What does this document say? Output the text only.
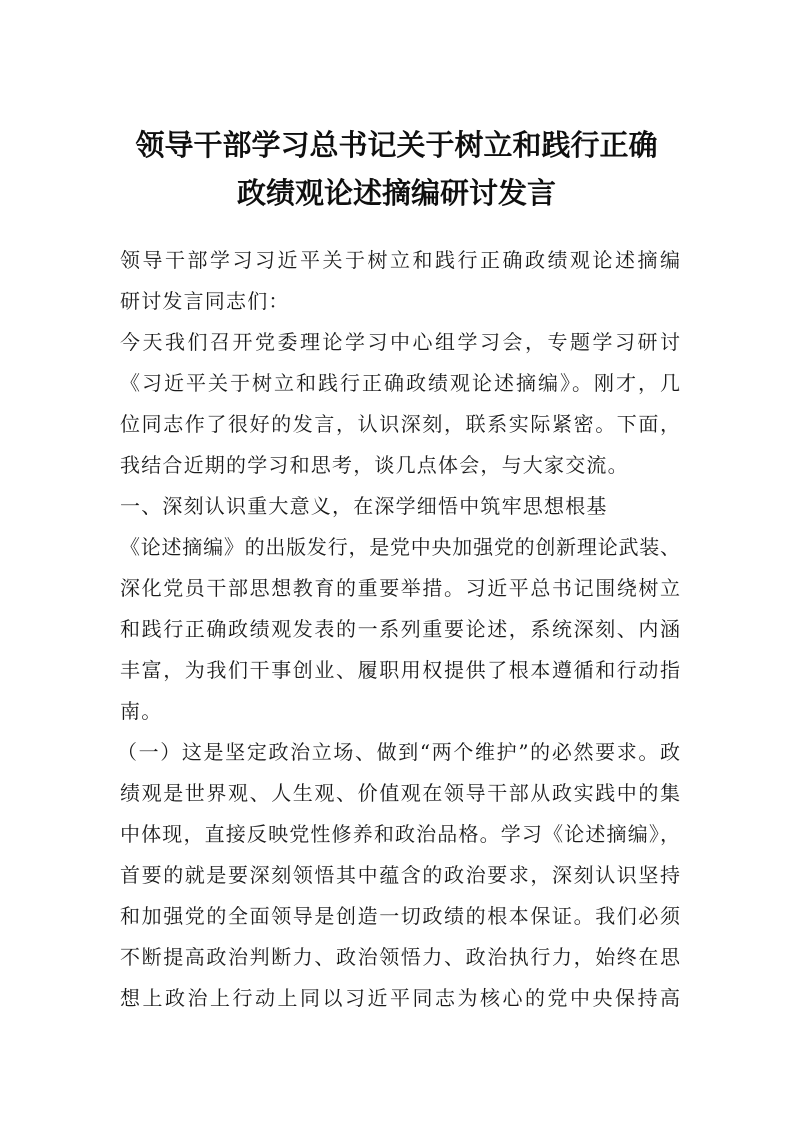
领导干部学习总书记关于树立和践行正确
政绩观论述摘编研讨发言
领导干部学习习近平关于树立和践行正确政绩观论述摘编
研讨发言同志们：
今天我们召开党委理论学习中心组学习会，专题学习研讨
《习近平关于树立和践行正确政绩观论述摘编》。刚才，几
位同志作了很好的发言，认识深刻，联系实际紧密。下面，
我结合近期的学习和思考，谈几点体会，与大家交流。
一、深刻认识重大意义，在深学细悟中筑牢思想根基
《论述摘编》的出版发行，是党中央加强党的创新理论武装、
深化党员干部思想教育的重要举措。习近平总书记围绕树立
和践行正确政绩观发表的一系列重要论述，系统深刻、内涵
丰富，为我们干事创业、履职用权提供了根本遵循和行动指
南。
（一）这是坚定政治立场、做到“两个维护”的必然要求。政
绩观是世界观、人生观、价值观在领导干部从政实践中的集
中体现，直接反映党性修养和政治品格。学习《论述摘编》，
首要的就是要深刻领悟其中蕴含的政治要求，深刻认识坚持
和加强党的全面领导是创造一切政绩的根本保证。我们必须
不断提高政治判断力、政治领悟力、政治执行力，始终在思
想上政治上行动上同以习近平同志为核心的党中央保持高
